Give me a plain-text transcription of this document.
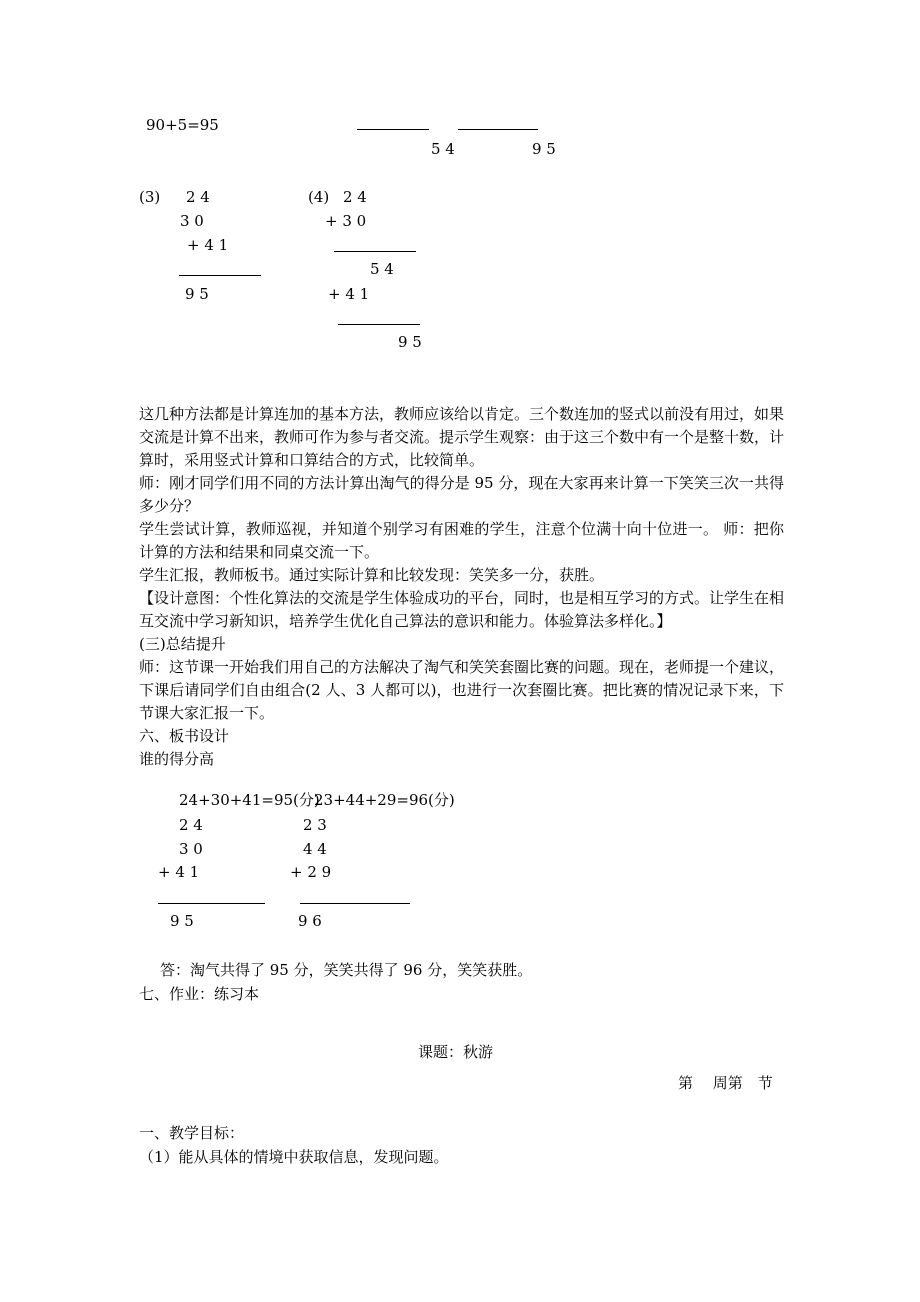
90+5=95
5 4	9 5
(3) 2 4
3 0
+ 4 1
9 5
(4) 2 4
+ 3 0
5 4
+ 4 1
9 5

这几种方法都是计算连加的基本方法，教师应该给以肯定。三个数连加的竖式以前没有用过，如果交流是计算不出来，教师可作为参与者交流。提示学生观察：由于这三个数中有一个是整十数，计算时，采用竖式计算和口算结合的方式，比较简单。

师：刚才同学们用不同的方法计算出淘气的得分是 95 分，现在大家再来计算一下笑笑三次一共得多少分？

学生尝试计算，教师巡视，并知道个别学习有困难的学生，注意个位满十向十位进一。 师：把你计算的方法和结果和同桌交流一下。

学生汇报，教师板书。通过实际计算和比较发现：笑笑多一分，获胜。

【设计意图：个性化算法的交流是学生体验成功的平台，同时，也是相互学习的方式。让学生在相互交流中学习新知识，培养学生优化自己算法的意识和能力。体验算法多样化。】

(三)总结提升

师：这节课一开始我们用自己的方法解决了淘气和笑笑套圈比赛的问题。现在，老师提一个建议，下课后请同学们自由组合(2 人、3 人都可以)，也进行一次套圈比赛。把比赛的情况记录下来，下节课大家汇报一下。

六、板书设计

谁的得分高

24+30+41=95(分)
23+44+29=96(分)
2 4
3 0
+ 4 1
9 5
2 3
4 4
+ 2 9
9 6
答：淘气共得了 95 分，笑笑共得了 96 分，笑笑获胜。
七、作业：练习本
课题：秋游
第　 周第　节
一、教学目标：
（1）能从具体的情境中获取信息，发现问题。
